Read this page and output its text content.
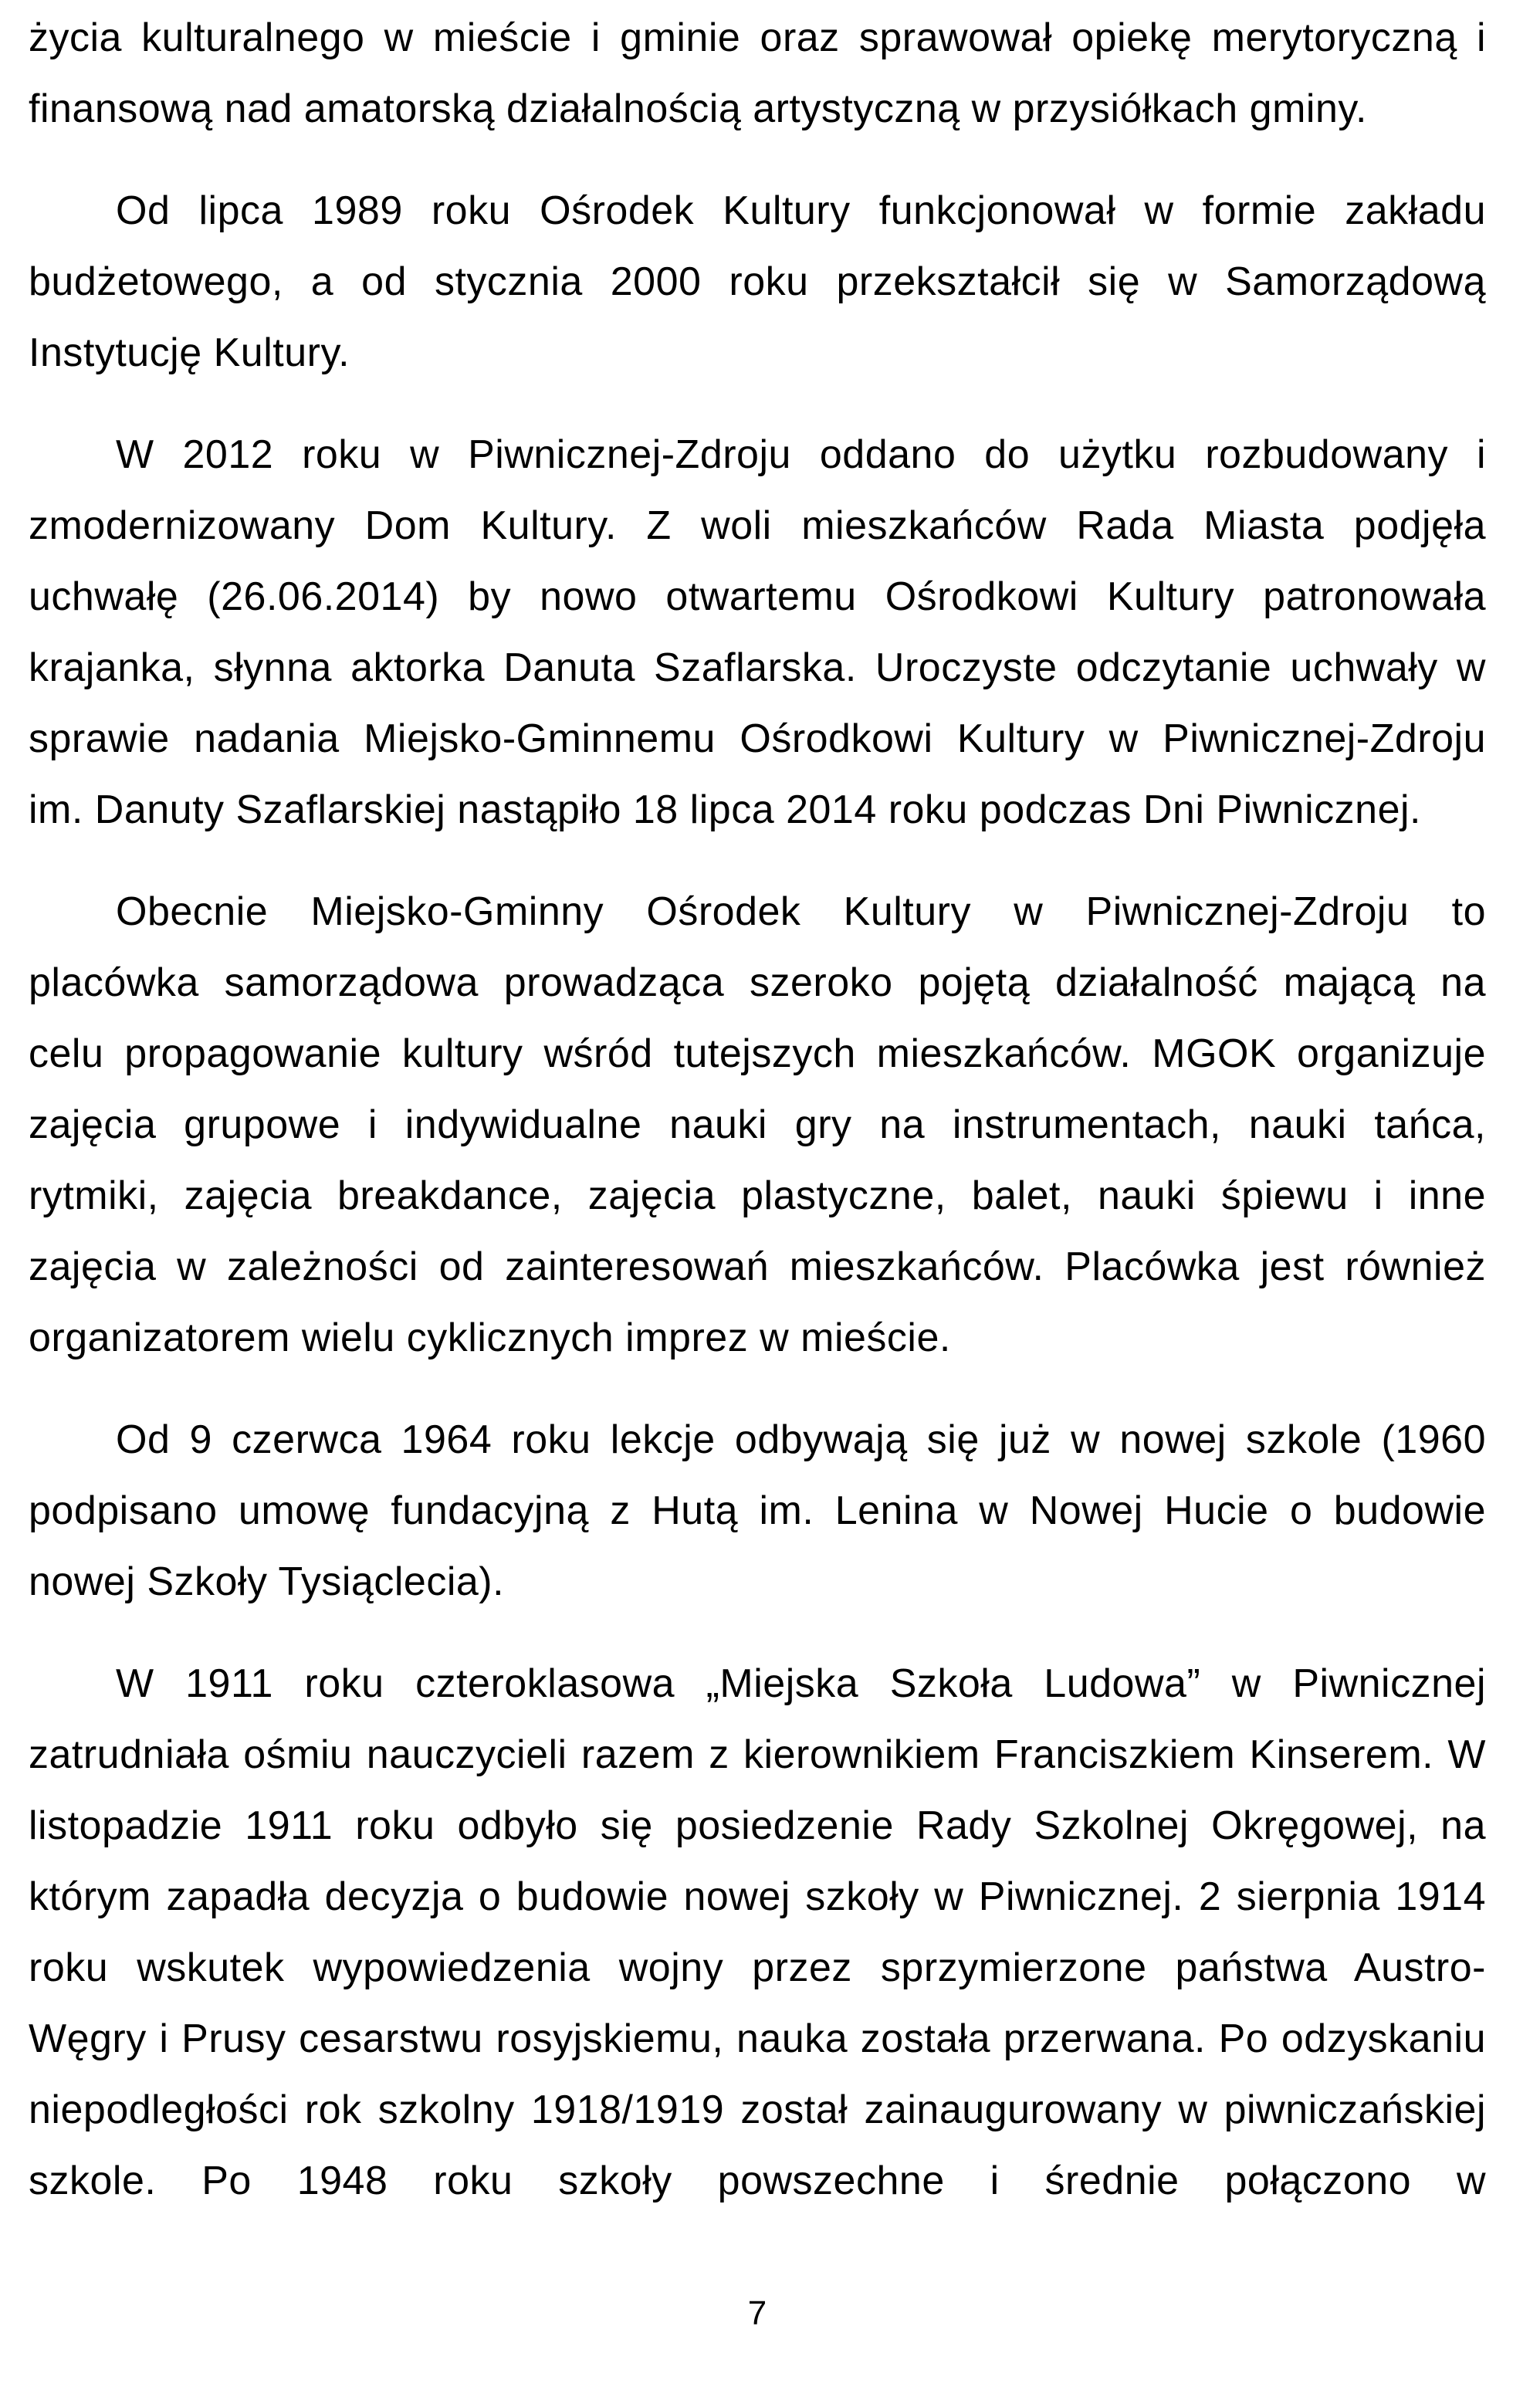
życia kulturalnego w mieście i gminie oraz sprawował opiekę merytoryczną i
finansową nad amatorską działalnością artystyczną w przysiółkach gminy.

Od lipca 1989 roku Ośrodek Kultury funkcjonował w formie zakładu
budżetowego, a od stycznia 2000 roku przekształcił się w Samorządową
Instytucję Kultury.

W 2012 roku w Piwnicznej-Zdroju oddano do użytku rozbudowany i
zmodernizowany Dom Kultury. Z woli mieszkańców Rada Miasta podjęła
uchwałę (26.06.2014) by nowo otwartemu Ośrodkowi Kultury patronowała
krajanka, słynna aktorka Danuta Szaflarska. Uroczyste odczytanie uchwały w
sprawie nadania Miejsko-Gminnemu Ośrodkowi Kultury w Piwnicznej-Zdroju
im. Danuty Szaflarskiej nastąpiło 18 lipca 2014 roku podczas Dni Piwnicznej.

Obecnie Miejsko-Gminny Ośrodek Kultury w Piwnicznej-Zdroju to
placówka samorządowa prowadząca szeroko pojętą działalność mającą na
celu propagowanie kultury wśród tutejszych mieszkańców. MGOK organizuje
zajęcia grupowe i indywidualne nauki gry na instrumentach, nauki tańca,
rytmiki, zajęcia breakdance, zajęcia plastyczne, balet, nauki śpiewu i inne
zajęcia w zależności od zainteresowań mieszkańców. Placówka jest również
organizatorem wielu cyklicznych imprez w mieście.

Od 9 czerwca 1964 roku lekcje odbywają się już w nowej szkole (1960
podpisano umowę fundacyjną z Hutą im. Lenina w Nowej Hucie o budowie
nowej Szkoły Tysiąclecia).

W 1911 roku czteroklasowa „Miejska Szkoła Ludowa” w Piwnicznej
zatrudniała ośmiu nauczycieli razem z kierownikiem Franciszkiem Kinserem. W
listopadzie 1911 roku odbyło się posiedzenie Rady Szkolnej Okręgowej, na
którym zapadła decyzja o budowie nowej szkoły w Piwnicznej. 2 sierpnia 1914
roku wskutek wypowiedzenia wojny przez sprzymierzone państwa Austro-
Węgry i Prusy cesarstwu rosyjskiemu, nauka została przerwana. Po odzyskaniu
niepodległości rok szkolny 1918/1919 został zainaugurowany w piwniczańskiej
szkole. Po 1948 roku szkoły powszechne i średnie połączono w

7
